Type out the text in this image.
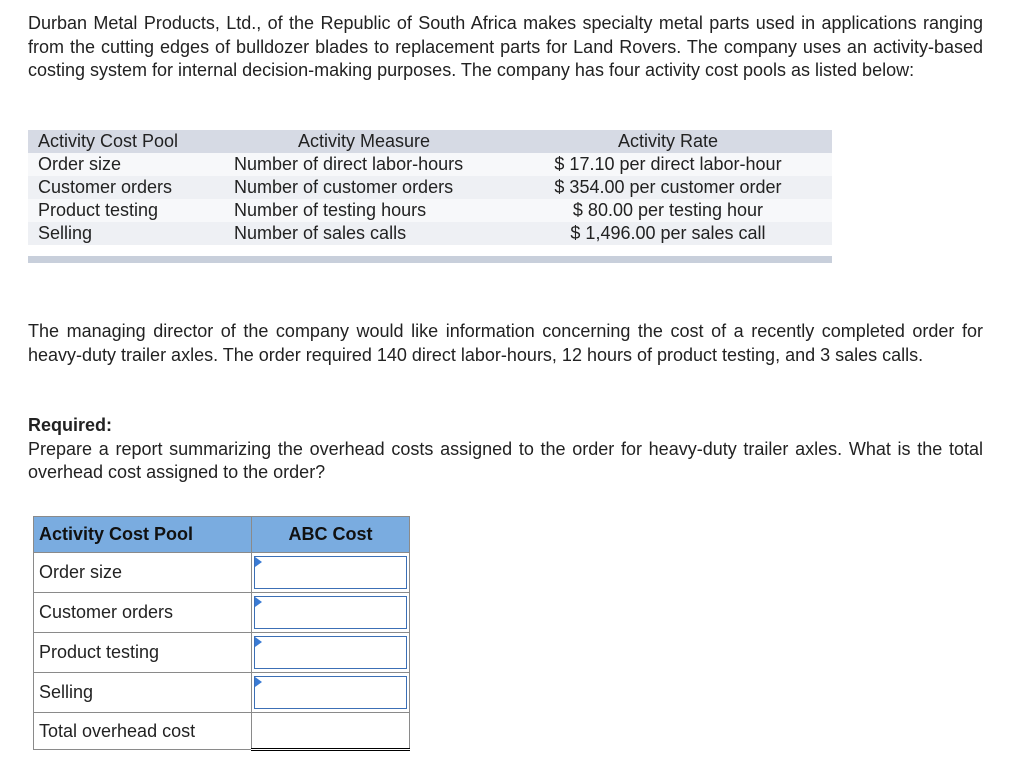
Durban Metal Products, Ltd., of the Republic of South Africa makes specialty metal parts used in applications ranging from the cutting edges of bulldozer blades to replacement parts for Land Rovers. The company uses an activity-based costing system for internal decision-making purposes. The company has four activity cost pools as listed below:

Activity Cost Pool	Activity Measure	Activity Rate
Order size	Number of direct labor-hours	$ 17.10 per direct labor-hour
Customer orders	Number of customer orders	$ 354.00 per customer order
Product testing	Number of testing hours	$ 80.00 per testing hour
Selling	Number of sales calls	$ 1,496.00 per sales call

The managing director of the company would like information concerning the cost of a recently completed order for heavy-duty trailer axles. The order required 140 direct labor-hours, 12 hours of product testing, and 3 sales calls.

Required:
Prepare a report summarizing the overhead costs assigned to the order for heavy-duty trailer axles. What is the total overhead cost assigned to the order?
Activity Cost Pool	ABC Cost
Order size	

Customer orders	

Product testing	

Selling	

Total overhead cost	
